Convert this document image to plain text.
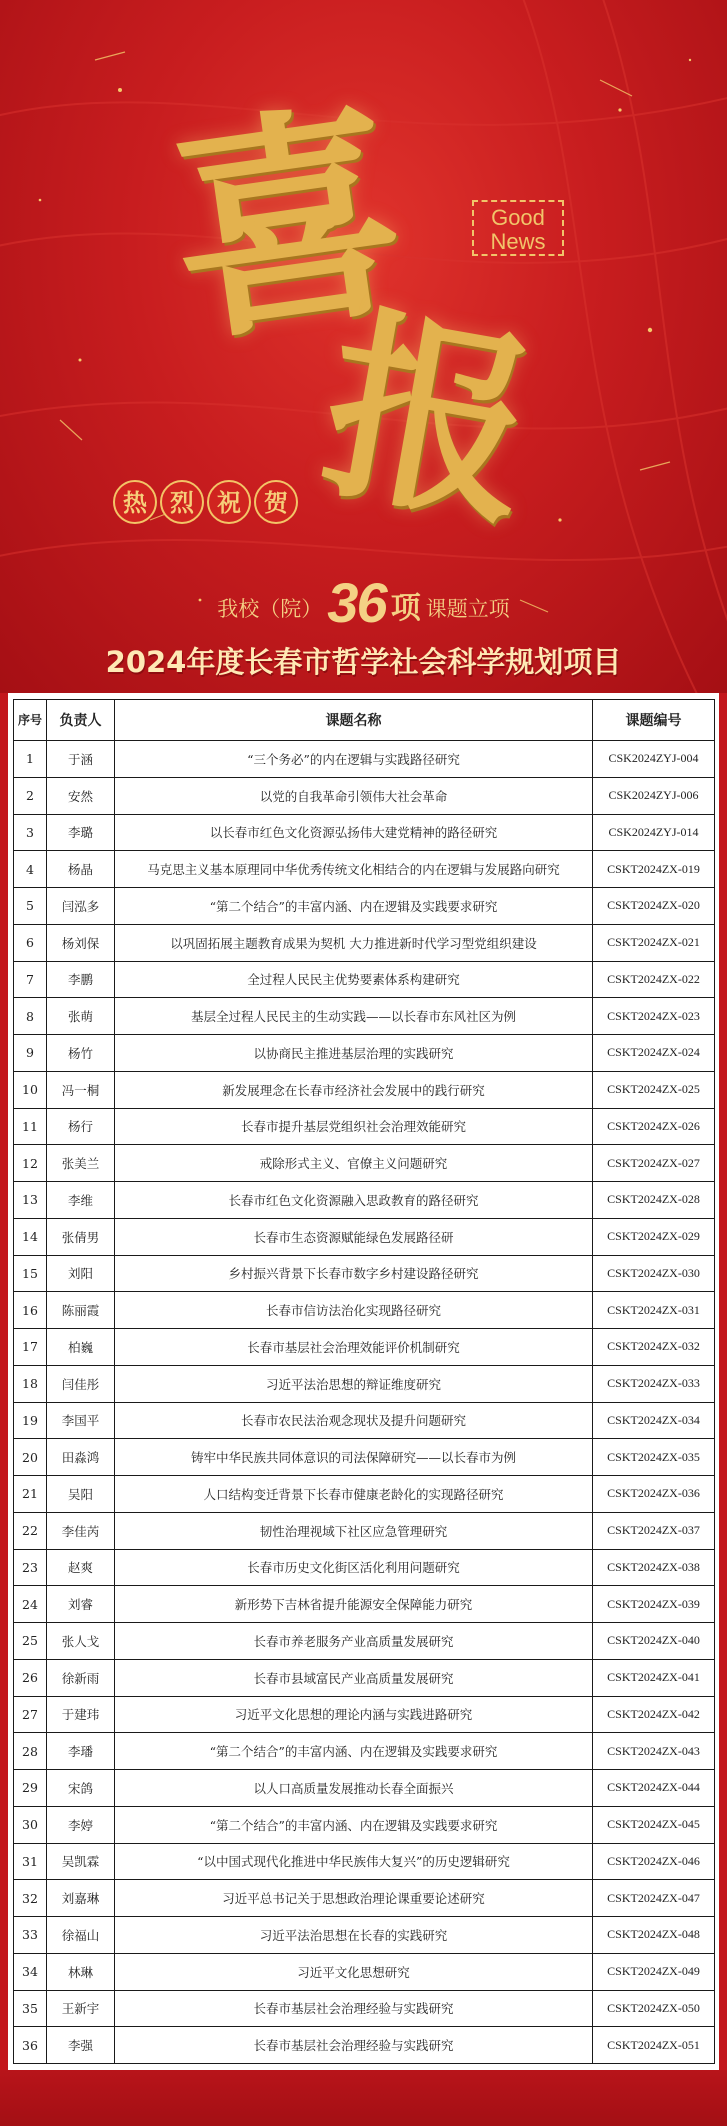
喜
报
Good
News
热 烈 祝 贺
我校（院） 36 项 课题立项
2024年度长春市哲学社会科学规划项目
序号	负责人	课题名称	课题编号
1	于涵	“三个务必”的内在逻辑与实践路径研究	CSK2024ZYJ-004
2	安然	以党的自我革命引领伟大社会革命	CSK2024ZYJ-006
3	李璐	以长春市红色文化资源弘扬伟大建党精神的路径研究	CSK2024ZYJ-014
4	杨晶	马克思主义基本原理同中华优秀传统文化相结合的内在逻辑与发展路向研究	CSKT2024ZX-019
5	闫泓多	“第二个结合”的丰富内涵、内在逻辑及实践要求研究	CSKT2024ZX-020
6	杨刘保	以巩固拓展主题教育成果为契机 大力推进新时代学习型党组织建设	CSKT2024ZX-021
7	李鹏	全过程人民民主优势要素体系构建研究	CSKT2024ZX-022
8	张萌	基层全过程人民民主的生动实践——以长春市东风社区为例	CSKT2024ZX-023
9	杨竹	以协商民主推进基层治理的实践研究	CSKT2024ZX-024
10	冯一桐	新发展理念在长春市经济社会发展中的践行研究	CSKT2024ZX-025
11	杨行	长春市提升基层党组织社会治理效能研究	CSKT2024ZX-026
12	张美兰	戒除形式主义、官僚主义问题研究	CSKT2024ZX-027
13	李维	长春市红色文化资源融入思政教育的路径研究	CSKT2024ZX-028
14	张倩男	长春市生态资源赋能绿色发展路径研	CSKT2024ZX-029
15	刘阳	乡村振兴背景下长春市数字乡村建设路径研究	CSKT2024ZX-030
16	陈丽霞	长春市信访法治化实现路径研究	CSKT2024ZX-031
17	柏巍	长春市基层社会治理效能评价机制研究	CSKT2024ZX-032
18	闫佳彤	习近平法治思想的辩证维度研究	CSKT2024ZX-033
19	李国平	长春市农民法治观念现状及提升问题研究	CSKT2024ZX-034
20	田淼鸿	铸牢中华民族共同体意识的司法保障研究——以长春市为例	CSKT2024ZX-035
21	吴阳	人口结构变迁背景下长春市健康老龄化的实现路径研究	CSKT2024ZX-036
22	李佳芮	韧性治理视域下社区应急管理研究	CSKT2024ZX-037
23	赵爽	长春市历史文化街区活化利用问题研究	CSKT2024ZX-038
24	刘睿	新形势下吉林省提升能源安全保障能力研究	CSKT2024ZX-039
25	张人戈	长春市养老服务产业高质量发展研究	CSKT2024ZX-040
26	徐新雨	长春市县域富民产业高质量发展研究	CSKT2024ZX-041
27	于建玮	习近平文化思想的理论内涵与实践进路研究	CSKT2024ZX-042
28	李璠	“第二个结合”的丰富内涵、内在逻辑及实践要求研究	CSKT2024ZX-043
29	宋鸽	以人口高质量发展推动长春全面振兴	CSKT2024ZX-044
30	李婷	“第二个结合”的丰富内涵、内在逻辑及实践要求研究	CSKT2024ZX-045
31	吴凯霖	“以中国式现代化推进中华民族伟大复兴”的历史逻辑研究	CSKT2024ZX-046
32	刘嘉琳	习近平总书记关于思想政治理论课重要论述研究	CSKT2024ZX-047
33	徐福山	习近平法治思想在长春的实践研究	CSKT2024ZX-048
34	林琳	习近平文化思想研究	CSKT2024ZX-049
35	王新宇	长春市基层社会治理经验与实践研究	CSKT2024ZX-050
36	李强	长春市基层社会治理经验与实践研究	CSKT2024ZX-051
